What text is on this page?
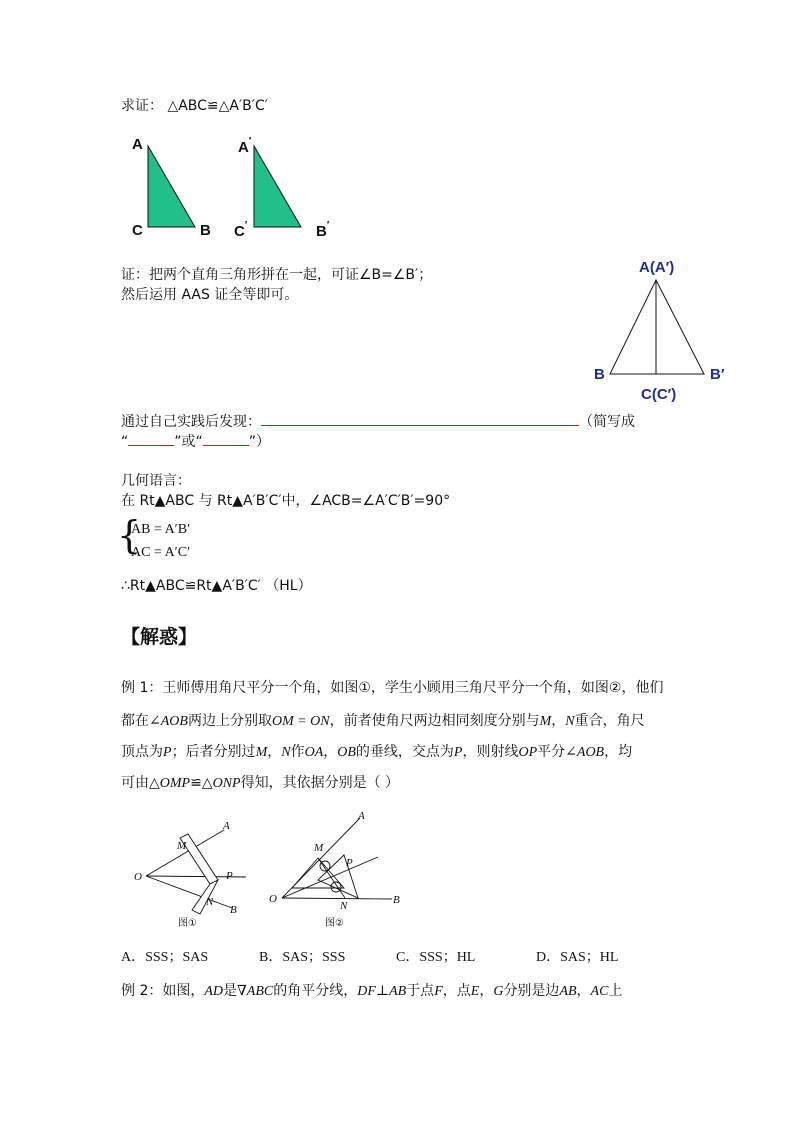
求证： △ABC≌△A′B′C′
A
C	B
A′
C′	B′
证：把两个直角三角形拼在一起，可证∠B=∠B′；
然后运用 AAS 证全等即可。
A(A′)
B
C(C′)
B′
通过自己实践后发现：	（简写成
“	”或“	”）
几何语言：
在 Rt▲ABC 与 Rt▲A′B′C′中，∠ACB=∠A′C′B′=90°
{
AB = A′B′
AC = A′C′
∴Rt▲ABC≌Rt▲A′B′C′ （HL）
【解惑】
例 1：王师傅用角尺平分一个角，如图①，学生小顾用三角尺平分一个角，如图②，他们
都在∠AOB两边上分别取OM = ON，前者使角尺两边相同刻度分别与M，N重合，角尺
顶点为P；后者分别过M，N作OA，OB的垂线，交点为P，则射线OP平分∠AOB，均
可由△OMP≌△ONP得知，其依据分别是（ ）
A
M
O	P
N
B
图①
A
M
P
O
N	B
图②
A．SSS；SAS	B．SAS；SSS	C．SSS；HL	D．SAS；HL
例 2：如图，AD是∇ABC的角平分线，DF⊥AB于点F，点E，G分别是边AB，AC上
